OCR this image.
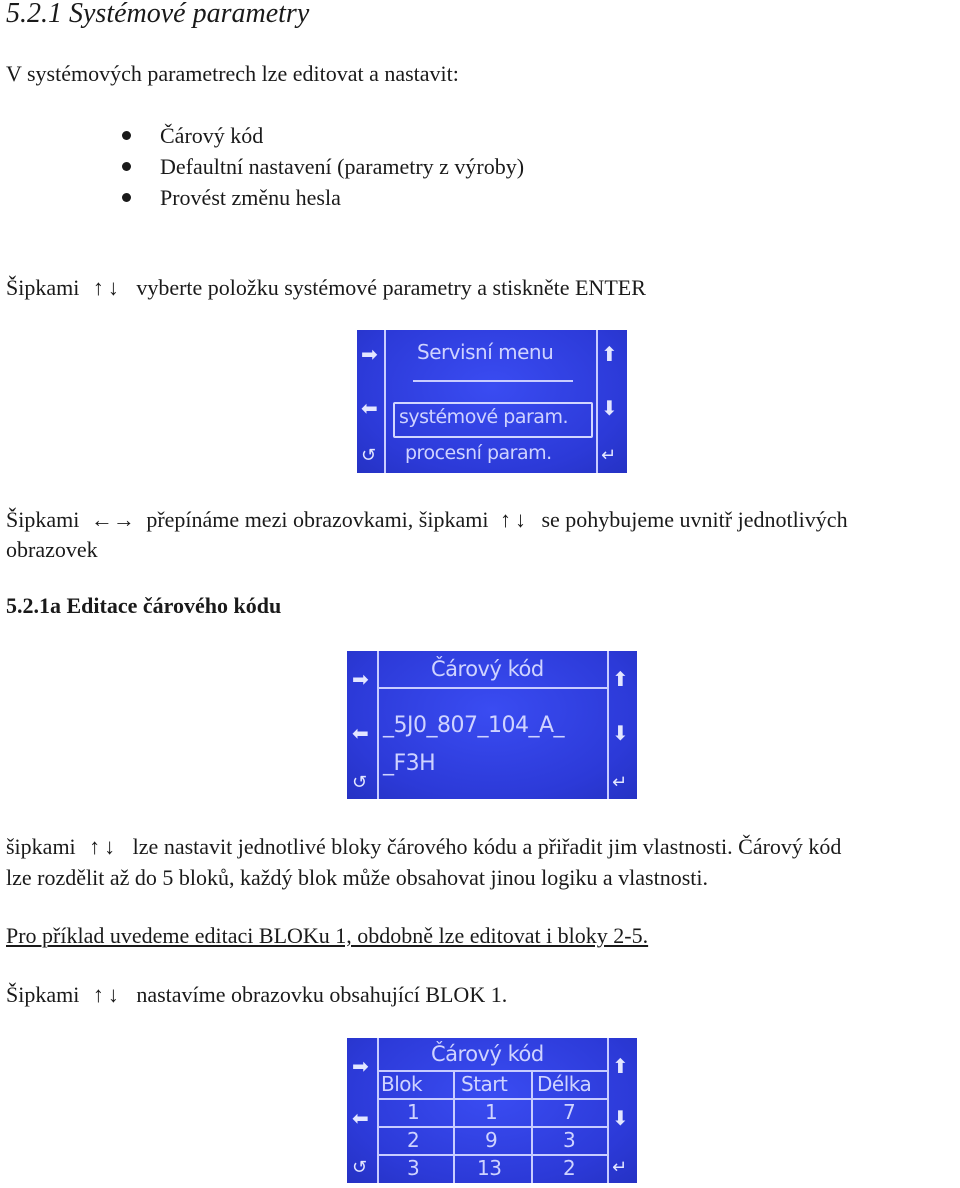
5.2.1 Systémové parametry
V systémových parametrech lze editovat a nastavit:
Čárový kód
Defaultní nastavení (parametry z výroby)
Provést změnu hesla
Šipkami ↑↓ vyberte položku systémové parametry a stiskněte ENTER
➡
⬅
↺
⬆
⬇
↵
Servisní menu
systémové param.
procesní param.
Šipkami ←→ přepínáme mezi obrazovkami, šipkami ↑↓ se pohybujeme uvnitř jednotlivých
obrazovek
5.2.1a Editace čárového kódu
➡
⬅
↺
⬆
⬇
↵
Čárový kód
_5J0_807_104_A_
_F3H
šipkami ↑↓ lze nastavit jednotlivé bloky čárového kódu a přiřadit jim vlastnosti. Čárový kód
lze rozdělit až do 5 bloků, každý blok může obsahovat jinou logiku a vlastnosti.
Pro příklad uvedeme editaci BLOKu 1, obdobně lze editovat i bloky 2-5.
Šipkami ↑↓ nastavíme obrazovku obsahující BLOK 1.
➡
⬅
↺
⬆
⬇
↵
Čárový kód
Blok Start Délka
1	1	7
2	9	3
3	13	2
